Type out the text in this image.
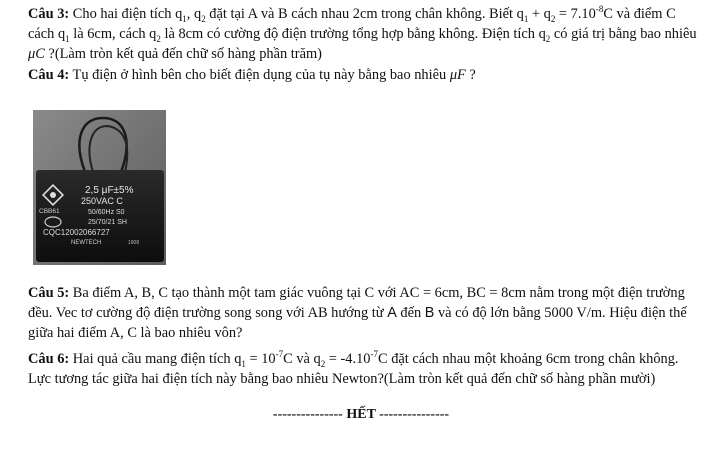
Câu 3: Cho hai điện tích $q_1$, $q_2$ đặt tại A và B cách nhau 2cm trong chân không. Biết $q_1 + q_2 = 7.10^{-8}C$ và điểm C cách $q_1$ là 6cm, cách $q_2$ là 8cm có cường độ điện trường tổng hợp bằng không. Điện tích $q_2$ có giá trị bằng bao nhiêu μC ?(Làm tròn kết quả đến chữ số hàng phần trăm)
Câu 4: Tụ điện ở hình bên cho biết điện dụng của tụ này bằng bao nhiêu μF ?
2,5 μF±5%
250VAC C
CBB61	50/60Hz S0
25/70/21 SH
CQC12002066727
NEWTECH	1908
Câu 5: Ba điểm A, B, C tạo thành một tam giác vuông tại C với AC = 6cm, BC = 8cm nằm trong một điện trường đều. Vec tơ cường độ điện trường song song với AB hướng từ A đến B và có độ lớn bằng 5000 V/m. Hiệu điện thế giữa hai điểm A, C là bao nhiêu vôn?
Câu 6: Hai quả cầu mang điện tích $q_1 = 10^{-7}C$ và $q_2 = -4.10^{-7}C$ đặt cách nhau một khoảng 6cm trong chân không. Lực tương tác giữa hai điện tích này bằng bao nhiêu Newton?(Làm tròn kết quả đến chữ số hàng phần mười)
--------------- HẾT ---------------
